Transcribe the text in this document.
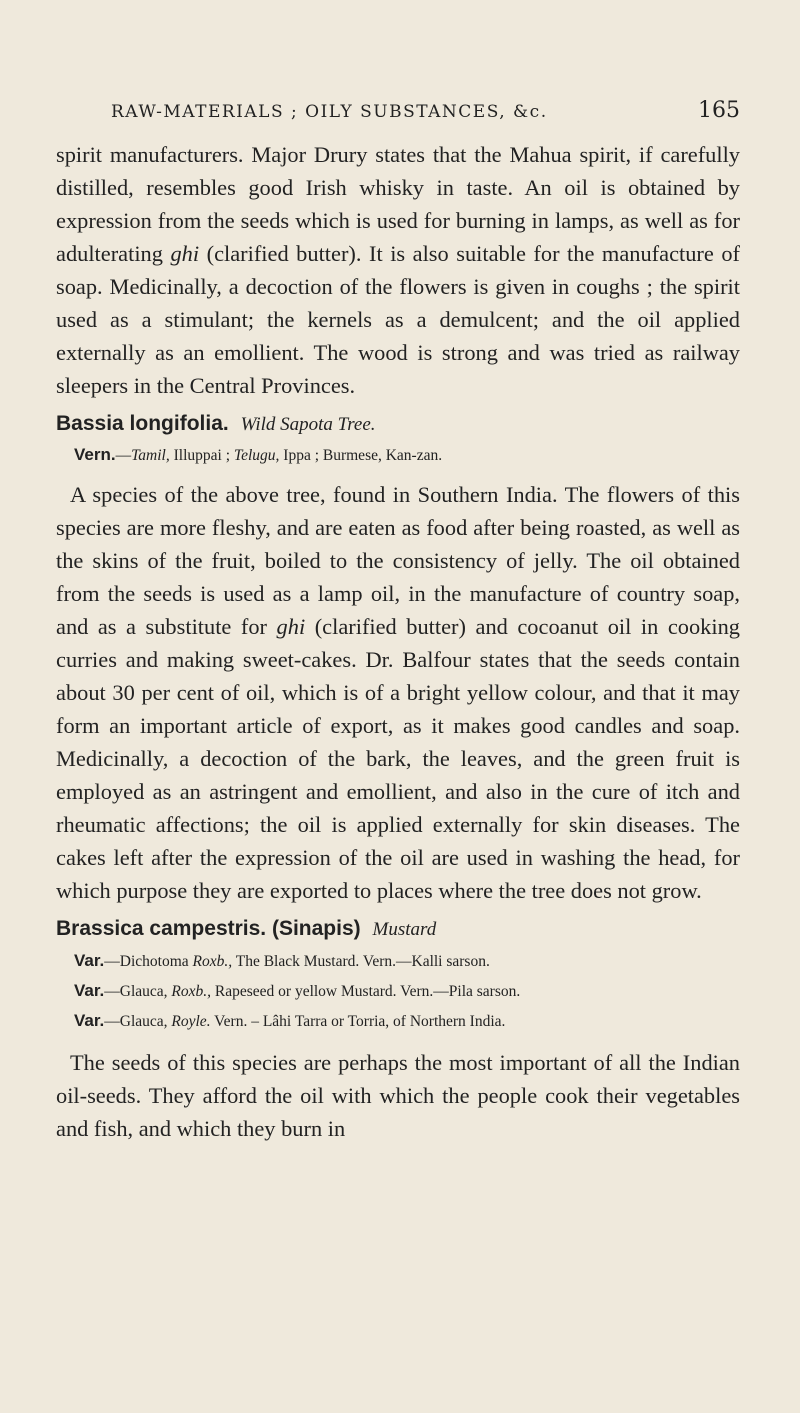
RAW-MATERIALS ; OILY SUBSTANCES, &c.	165

spirit manufacturers. Major Drury states that the Mahua spirit, if carefully distilled, resembles good Irish whisky in taste. An oil is obtained by expression from the seeds which is used for burning in lamps, as well as for adulterating ghi (clarified butter). It is also suitable for the manufacture of soap. Medicinally, a decoction of the flowers is given in coughs ; the spirit used as a stimulant; the kernels as a demulcent; and the oil applied externally as an emollient. The wood is strong and was tried as railway sleepers in the Central Provinces.

Bassia longifolia. Wild Sapota Tree.
Vern.—Tamil, Illuppai ; Telugu, Ippa ; Burmese, Kan-zan.

A species of the above tree, found in Southern India. The flowers of this species are more fleshy, and are eaten as food after being roasted, as well as the skins of the fruit, boiled to the consistency of jelly. The oil obtained from the seeds is used as a lamp oil, in the manufacture of country soap, and as a substitute for ghi (clarified butter) and cocoanut oil in cooking curries and making sweet-cakes. Dr. Balfour states that the seeds contain about 30 per cent of oil, which is of a bright yellow colour, and that it may form an important article of export, as it makes good candles and soap. Medicinally, a decoction of the bark, the leaves, and the green fruit is employed as an astringent and emollient, and also in the cure of itch and rheumatic affections; the oil is applied externally for skin diseases. The cakes left after the expression of the oil are used in washing the head, for which purpose they are exported to places where the tree does not grow.

Brassica campestris. (Sinapis) Mustard
Var.—Dichotoma Roxb., The Black Mustard. Vern.—Kalli sarson.
Var.—Glauca, Roxb., Rapeseed or yellow Mustard. Vern.—Pila sarson.
Var.—Glauca, Royle. Vern. – Lâhi Tarra or Torria, of Northern India.

The seeds of this species are perhaps the most important of all the Indian oil-seeds. They afford the oil with which the people cook their vegetables and fish, and which they burn in
